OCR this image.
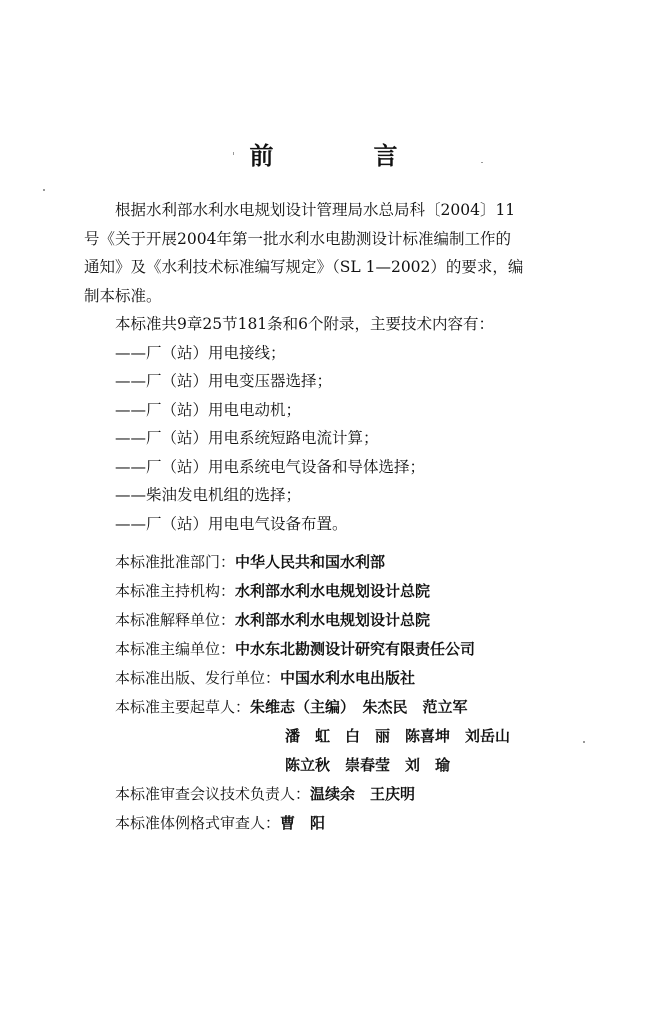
前　言

根据水利部水利水电规划设计管理局水总局科〔2004〕11
号《关于开展2004年第一批水利水电勘测设计标准编制工作的
通知》及《水利技术标准编写规定》（SL 1—2002）的要求，编
制本标准。

本标准共9章25节181条和6个附录，主要技术内容有：

——厂（站）用电接线；
——厂（站）用电变压器选择；
——厂（站）用电电动机；
——厂（站）用电系统短路电流计算；
——厂（站）用电系统电气设备和导体选择；
——柴油发电机组的选择；
——厂（站）用电电气设备布置。
本标准批准部门：中华人民共和国水利部
本标准主持机构：水利部水利水电规划设计总院
本标准解释单位：水利部水利水电规划设计总院
本标准主编单位：中水东北勘测设计研究有限责任公司
本标准出版、发行单位：中国水利水电出版社
本标准主要起草人：朱维志（主编）　朱杰民　范立军
潘　虹　白　丽　陈喜坤　刘岳山
陈立秋　崇春莹　刘　瑜
本标准审查会议技术负责人：温续余　王庆明
本标准体例格式审查人：曹　阳
